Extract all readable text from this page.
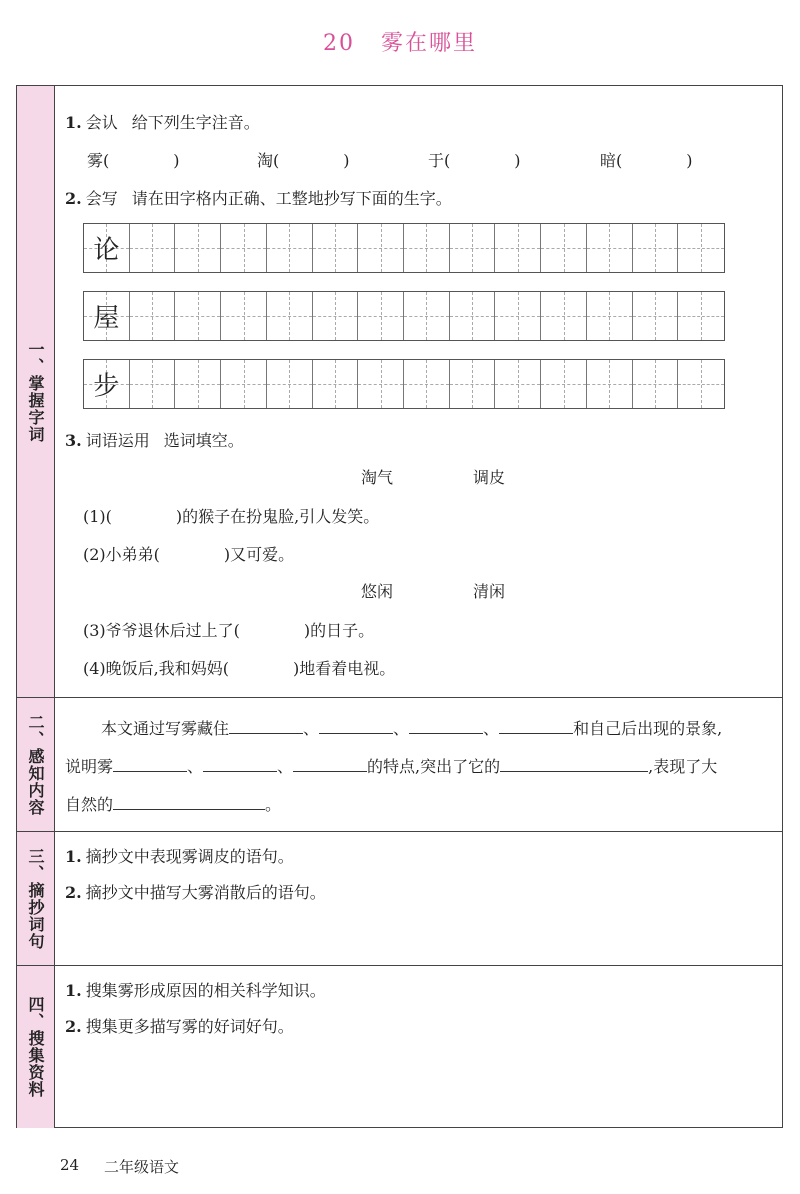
20 雾在哪里
一、掌握字词
1. 会认 给下列生字注音。
雾(　　　　)	淘(　　　　)	于(　　　　)	暗(　　　　)
2. 会写 请在田字格内正确、工整地抄写下面的生字。
论
屋
步
3. 词语运用 选词填空。
淘气	调皮
(1)(　　　　)的猴子在扮鬼脸,引人发笑。
(2)小弟弟(　　　　)又可爱。
悠闲	清闲
(3)爷爷退休后过上了(　　　　)的日子。
(4)晚饭后,我和妈妈(　　　　)地看着电视。
二、感知内容	本文通过写雾藏住	、	、	、	和自己后出现的景象,
说明雾	、	、	的特点,突出了它的	,表现了大
自然的	。
三、摘抄词句 1. 摘抄文中表现雾调皮的语句。
2. 摘抄文中描写大雾消散后的语句。
四、搜集资料
1. 搜集雾形成原因的相关科学知识。
2. 搜集更多描写雾的好词好句。
24 二年级语文
